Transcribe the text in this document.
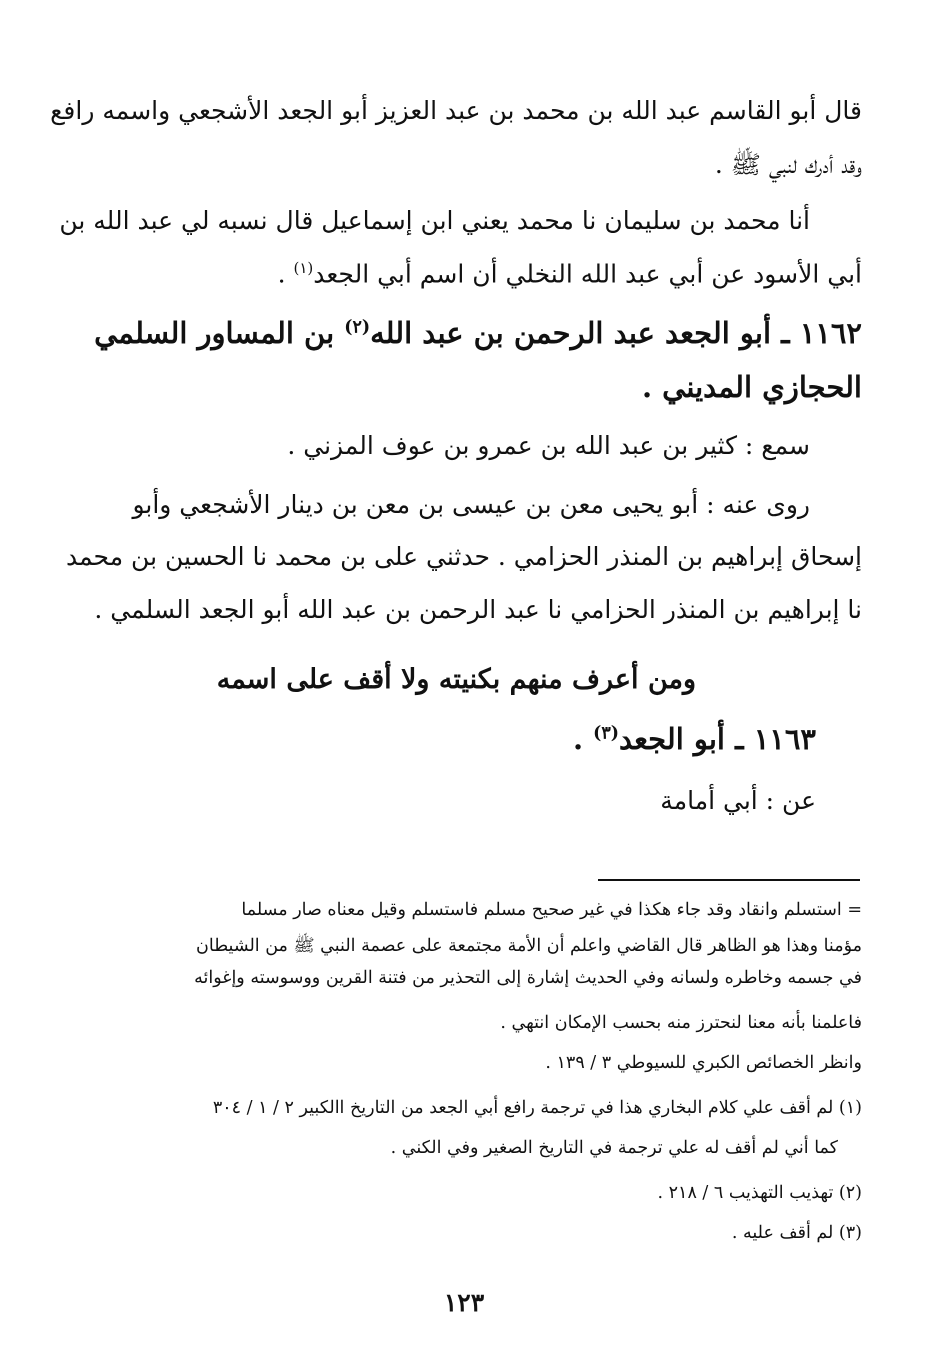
قال أبو القاسم عبد الله بن محمد بن عبد العزيز أبو الجعد الأشجعي واسمه رافع
وقد أدرك لنبي ﷺ .
أنا محمد بن سليمان نا محمد يعني ابن إسماعيل قال نسبه لي عبد الله بن
أبي الأسود عن أبي عبد الله النخلي أن اسم أبي الجعد$^{(١)}$ .
١١٦٢ ـ أبو الجعد عبد الرحمن بن عبد الله$^{(٢)}$ بن المساور السلمي
الحجازي المديني .
سمع : كثير بن عبد الله بن عمرو بن عوف المزني .
روى عنه : أبو يحيى معن بن عيسى بن معن بن دينار الأشجعي وأبو
إسحاق إبراهيم بن المنذر الحزامي . حدثني على بن محمد نا الحسين بن محمد
نا إبراهيم بن المنذر الحزامي نا عبد الرحمن بن عبد الله أبو الجعد السلمي .
ومن أعرف منهم بكنيته ولا أقف على اسمه
١١٦٣ ـ أبو الجعد$^{(٣)}$ .
عن : أبي أمامة
= استسلم وانقاد وقد جاء هكذا في غير صحيح مسلم فاستسلم وقيل معناه صار مسلما
مؤمنا وهذا هو الظاهر قال القاضي واعلم أن الأمة مجتمعة على عصمة النبي ﷺ من الشيطان
في جسمه وخاطره ولسانه وفي الحديث إشارة إلى التحذير من فتنة القرين ووسوسته وإغوائه
فاعلمنا بأنه معنا لنحترز منه بحسب الإمكان انتهي .
وانظر الخصائص الكبري للسيوطي ٣ / ١٣٩ .
(١) لم أقف علي كلام البخاري هذا في ترجمة رافع أبي الجعد من التاريخ االكبير ٢ / ١ / ٣٠٤
كما أني لم أقف له علي ترجمة في التاريخ الصغير وفي الكني .
(٢) تهذيب التهذيب ٦ / ٢١٨ .
(٣) لم أقف عليه .
١٢٣
